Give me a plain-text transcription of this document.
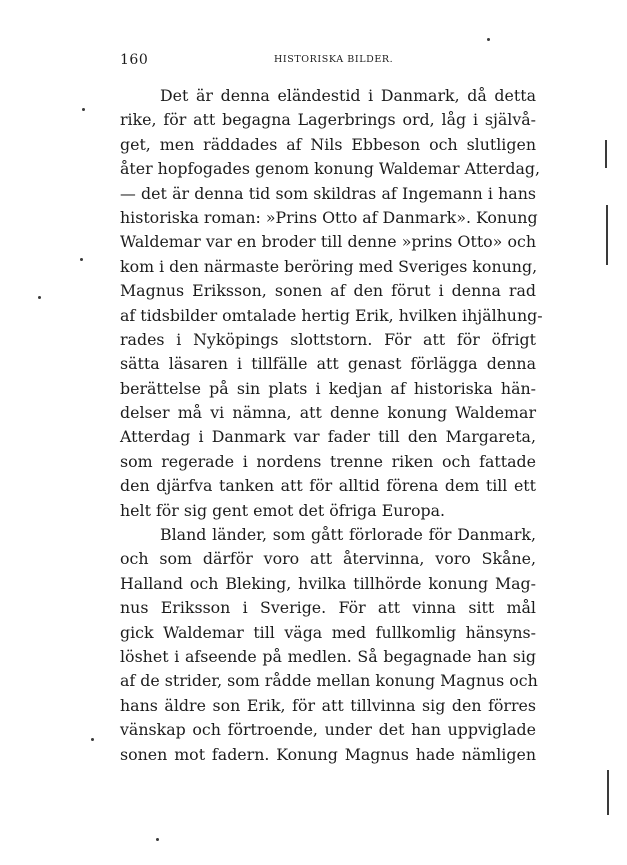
160	HISTORISKA BILDER.

Det är denna eländestid i Danmark, då detta
rike, för att begagna Lagerbrings ord, låg i självå-
get, men räddades af Nils Ebbeson och slutligen
åter hopfogades genom konung Waldemar Atterdag,
— det är denna tid som skildras af Ingemann i hans
historiska roman: »Prins Otto af Danmark». Konung
Waldemar var en broder till denne »prins Otto» och
kom i den närmaste beröring med Sveriges konung,
Magnus Eriksson, sonen af den förut i denna rad
af tidsbilder omtalade hertig Erik, hvilken ihjälhung-
rades i Nyköpings slottstorn. För att för öfrigt
sätta läsaren i tillfälle att genast förlägga denna
berättelse på sin plats i kedjan af historiska hän-
delser må vi nämna, att denne konung Waldemar
Atterdag i Danmark var fader till den Margareta,
som regerade i nordens trenne riken och fattade
den djärfva tanken att för alltid förena dem till ett
helt för sig gent emot det öfriga Europa.

Bland länder, som gått förlorade för Danmark,
och som därför voro att återvinna, voro Skåne,
Halland och Bleking, hvilka tillhörde konung Mag-
nus Eriksson i Sverige. För att vinna sitt mål
gick Waldemar till väga med fullkomlig hänsyns-
löshet i afseende på medlen. Så begagnade han sig
af de strider, som rådde mellan konung Magnus och
hans äldre son Erik, för att tillvinna sig den förres
vänskap och förtroende, under det han uppviglade
sonen mot fadern. Konung Magnus hade nämligen
